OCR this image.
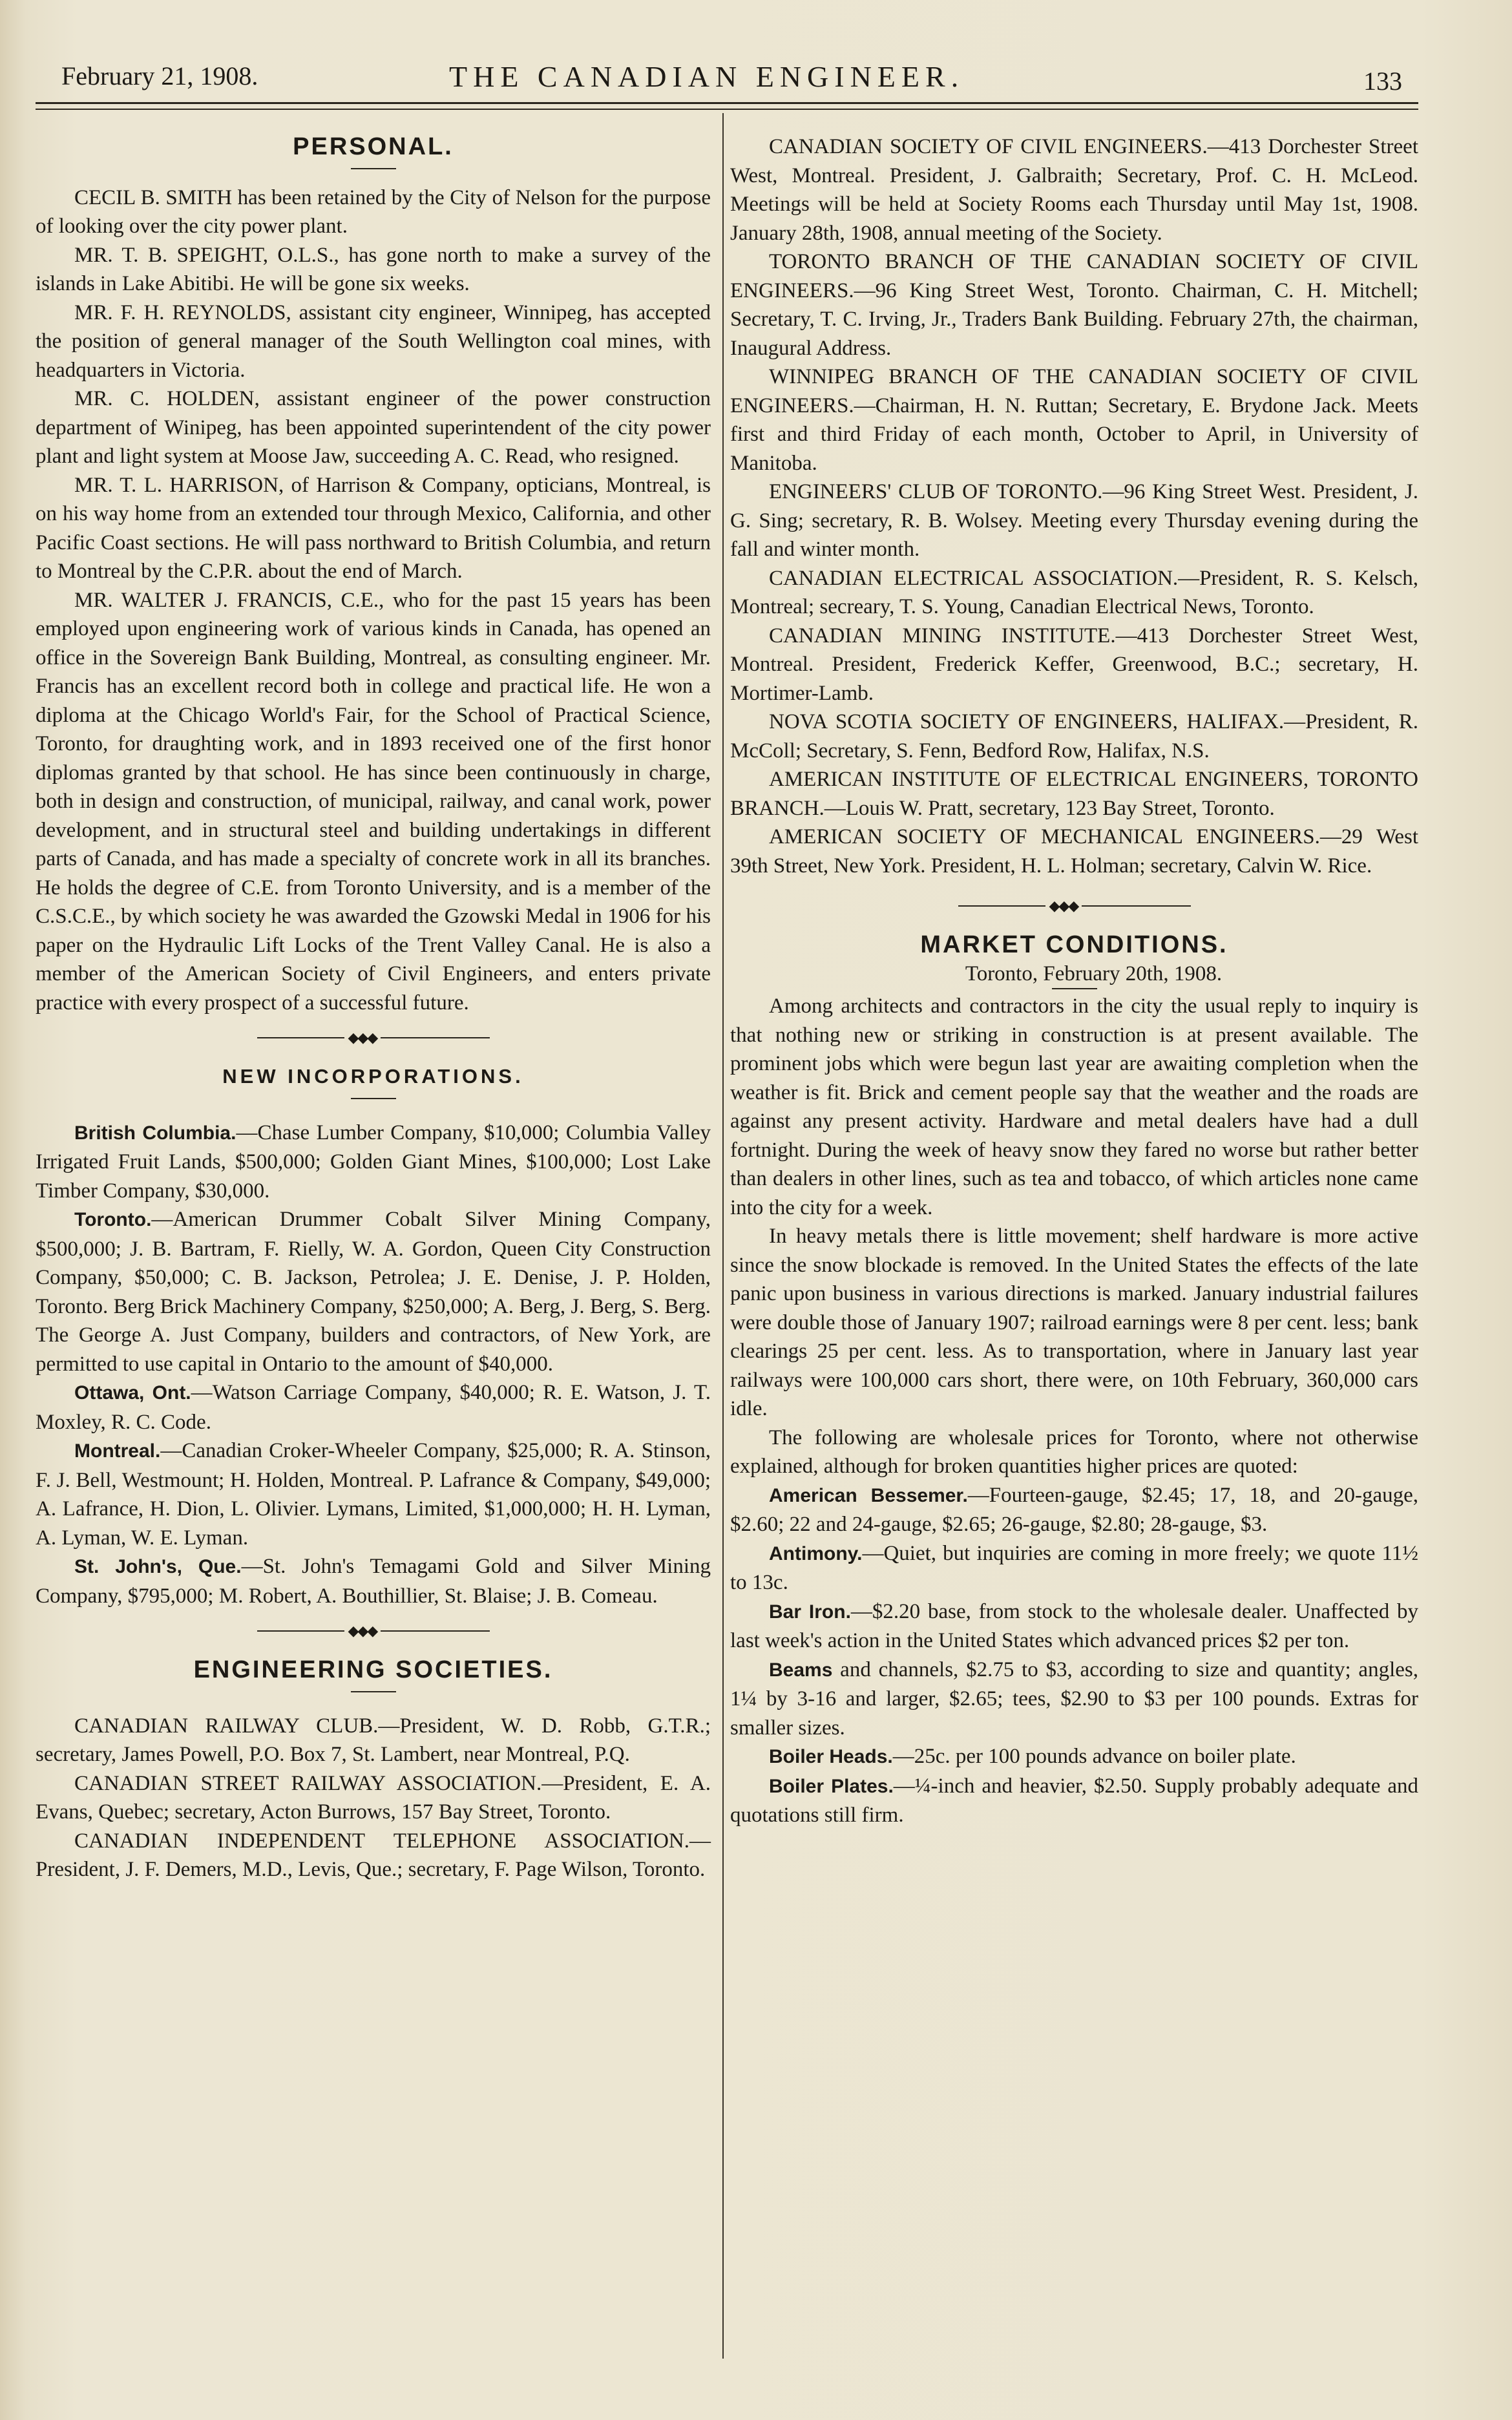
February 21, 1908.	THE CANADIAN ENGINEER.	133
PERSONAL.

CECIL B. SMITH has been retained by the City of Nelson for the purpose of looking over the city power plant.

MR. T. B. SPEIGHT, O.L.S., has gone north to make a survey of the islands in Lake Abitibi. He will be gone six weeks.

MR. F. H. REYNOLDS, assistant city engineer, Winnipeg, has accepted the position of general manager of the South Wellington coal mines, with headquarters in Victoria.

MR. C. HOLDEN, assistant engineer of the power construction department of Winipeg, has been appointed superintendent of the city power plant and light system at Moose Jaw, succeeding A. C. Read, who resigned.

MR. T. L. HARRISON, of Harrison & Company, opticians, Montreal, is on his way home from an extended tour through Mexico, California, and other Pacific Coast sections. He will pass northward to British Columbia, and return to Montreal by the C.P.R. about the end of March.

MR. WALTER J. FRANCIS, C.E., who for the past 15 years has been employed upon engineering work of various kinds in Canada, has opened an office in the Sovereign Bank Building, Montreal, as consulting engineer. Mr. Francis has an excellent record both in college and practical life. He won a diploma at the Chicago World's Fair, for the School of Practical Science, Toronto, for draughting work, and in 1893 received one of the first honor diplomas granted by that school. He has since been continuously in charge, both in design and construction, of municipal, railway, and canal work, power development, and in structural steel and building undertakings in different parts of Canada, and has made a specialty of concrete work in all its branches. He holds the degree of C.E. from Toronto University, and is a member of the C.S.C.E., by which society he was awarded the Gzowski Medal in 1906 for his paper on the Hydraulic Lift Locks of the Trent Valley Canal. He is also a member of the American Society of Civil Engineers, and enters private practice with every prospect of a successful future.

◆◆◆
NEW INCORPORATIONS.

British Columbia.—Chase Lumber Company, $10,000; Columbia Valley Irrigated Fruit Lands, $500,000; Golden Giant Mines, $100,000; Lost Lake Timber Company, $30,000.

Toronto.—American Drummer Cobalt Silver Mining Company, $500,000; J. B. Bartram, F. Rielly, W. A. Gordon, Queen City Construction Company, $50,000; C. B. Jackson, Petrolea; J. E. Denise, J. P. Holden, Toronto. Berg Brick Machinery Company, $250,000; A. Berg, J. Berg, S. Berg. The George A. Just Company, builders and contractors, of New York, are permitted to use capital in Ontario to the amount of $40,000.

Ottawa, Ont.—Watson Carriage Company, $40,000; R. E. Watson, J. T. Moxley, R. C. Code.

Montreal.—Canadian Croker-Wheeler Company, $25,000; R. A. Stinson, F. J. Bell, Westmount; H. Holden, Montreal. P. Lafrance & Company, $49,000; A. Lafrance, H. Dion, L. Olivier. Lymans, Limited, $1,000,000; H. H. Lyman, A. Lyman, W. E. Lyman.

St. John's, Que.—St. John's Temagami Gold and Silver Mining Company, $795,000; M. Robert, A. Bouthillier, St. Blaise; J. B. Comeau.

◆◆◆
ENGINEERING SOCIETIES.

CANADIAN RAILWAY CLUB.—President, W. D. Robb, G.T.R.; secretary, James Powell, P.O. Box 7, St. Lambert, near Montreal, P.Q.

CANADIAN STREET RAILWAY ASSOCIATION.—President, E. A. Evans, Quebec; secretary, Acton Burrows, 157 Bay Street, Toronto.

CANADIAN INDEPENDENT TELEPHONE ASSOCIATION.—President, J. F. Demers, M.D., Levis, Que.; secretary, F. Page Wilson, Toronto.

CANADIAN SOCIETY OF CIVIL ENGINEERS.—413 Dorchester Street West, Montreal. President, J. Galbraith; Secretary, Prof. C. H. McLeod. Meetings will be held at Society Rooms each Thursday until May 1st, 1908. January 28th, 1908, annual meeting of the Society.

TORONTO BRANCH OF THE CANADIAN SOCIETY OF CIVIL ENGINEERS.—96 King Street West, Toronto. Chairman, C. H. Mitchell; Secretary, T. C. Irving, Jr., Traders Bank Building. February 27th, the chairman, Inaugural Address.

WINNIPEG BRANCH OF THE CANADIAN SOCIETY OF CIVIL ENGINEERS.—Chairman, H. N. Ruttan; Secretary, E. Brydone Jack. Meets first and third Friday of each month, October to April, in University of Manitoba.

ENGINEERS' CLUB OF TORONTO.—96 King Street West. President, J. G. Sing; secretary, R. B. Wolsey. Meeting every Thursday evening during the fall and winter month.

CANADIAN ELECTRICAL ASSOCIATION.—President, R. S. Kelsch, Montreal; secreary, T. S. Young, Canadian Electrical News, Toronto.

CANADIAN MINING INSTITUTE.—413 Dorchester Street West, Montreal. President, Frederick Keffer, Greenwood, B.C.; secretary, H. Mortimer-Lamb.

NOVA SCOTIA SOCIETY OF ENGINEERS, HALIFAX.—President, R. McColl; Secretary, S. Fenn, Bedford Row, Halifax, N.S.

AMERICAN INSTITUTE OF ELECTRICAL ENGINEERS, TORONTO BRANCH.—Louis W. Pratt, secretary, 123 Bay Street, Toronto.

AMERICAN SOCIETY OF MECHANICAL ENGINEERS.—29 West 39th Street, New York. President, H. L. Holman; secretary, Calvin W. Rice.

◆◆◆
MARKET CONDITIONS.

Toronto, February 20th, 1908.

Among architects and contractors in the city the usual reply to inquiry is that nothing new or striking in construction is at present available. The prominent jobs which were begun last year are awaiting completion when the weather is fit. Brick and cement people say that the weather and the roads are against any present activity. Hardware and metal dealers have had a dull fortnight. During the week of heavy snow they fared no worse but rather better than dealers in other lines, such as tea and tobacco, of which articles none came into the city for a week.

In heavy metals there is little movement; shelf hardware is more active since the snow blockade is removed. In the United States the effects of the late panic upon business in various directions is marked. January industrial failures were double those of January 1907; railroad earnings were 8 per cent. less; bank clearings 25 per cent. less. As to transportation, where in January last year railways were 100,000 cars short, there were, on 10th February, 360,000 cars idle.

The following are wholesale prices for Toronto, where not otherwise explained, although for broken quantities higher prices are quoted:

American Bessemer.—Fourteen-gauge, $2.45; 17, 18, and 20-gauge, $2.60; 22 and 24-gauge, $2.65; 26-gauge, $2.80; 28-gauge, $3.

Antimony.—Quiet, but inquiries are coming in more freely; we quote 11½ to 13c.

Bar Iron.—$2.20 base, from stock to the wholesale dealer. Unaffected by last week's action in the United States which advanced prices $2 per ton.

Beams and channels, $2.75 to $3, according to size and quantity; angles, 1¼ by 3-16 and larger, $2.65; tees, $2.90 to $3 per 100 pounds. Extras for smaller sizes.

Boiler Heads.—25c. per 100 pounds advance on boiler plate.

Boiler Plates.—¼-inch and heavier, $2.50. Supply probably adequate and quotations still firm.
